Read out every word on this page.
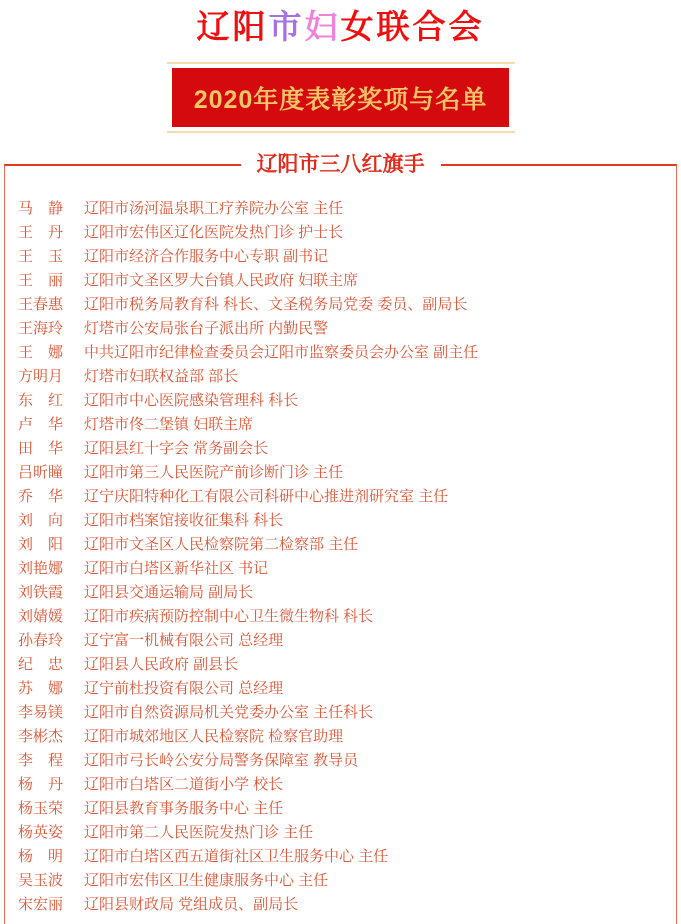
辽阳市妇女联合会
2020年度表彰奖项与名单
辽阳市三八红旗手
马　静	辽阳市汤河温泉职工疗养院办公室 主任
王　丹	辽阳市宏伟区辽化医院发热门诊 护士长
王　玉	辽阳市经济合作服务中心专职 副书记
王　丽	辽阳市文圣区罗大台镇人民政府 妇联主席
王春惠	辽阳市税务局教育科 科长、文圣税务局党委 委员、副局长
王海玲	灯塔市公安局张台子派出所 内勤民警
王　娜	中共辽阳市纪律检查委员会辽阳市监察委员会办公室 副主任
方明月	灯塔市妇联权益部 部长
东　红	辽阳市中心医院感染管理科 科长
卢　华	灯塔市佟二堡镇 妇联主席
田　华	辽阳县红十字会 常务副会长
吕昕瞳	辽阳市第三人民医院产前诊断门诊 主任
乔　华	辽宁庆阳特种化工有限公司科研中心推进剂研究室 主任
刘　向	辽阳市档案馆接收征集科 科长
刘　阳	辽阳市文圣区人民检察院第二检察部 主任
刘艳娜	辽阳市白塔区新华社区 书记
刘铁霞	辽阳县交通运输局 副局长
刘婧媛	辽阳市疾病预防控制中心卫生微生物科 科长
孙春玲	辽宁富一机械有限公司 总经理
纪　忠	辽阳县人民政府 副县长
苏　娜	辽宁前杜投资有限公司 总经理
李易镁	辽阳市自然资源局机关党委办公室 主任科长
李彬杰	辽阳市城郊地区人民检察院 检察官助理
李　程	辽阳市弓长岭公安分局警务保障室 教导员
杨　丹	辽阳市白塔区二道街小学 校长
杨玉荣	辽阳县教育事务服务中心 主任
杨英姿	辽阳市第二人民医院发热门诊 主任
杨　明	辽阳市白塔区西五道街社区卫生服务中心 主任
吴玉波	辽阳市宏伟区卫生健康服务中心 主任
宋宏丽	辽阳县财政局 党组成员、副局长
